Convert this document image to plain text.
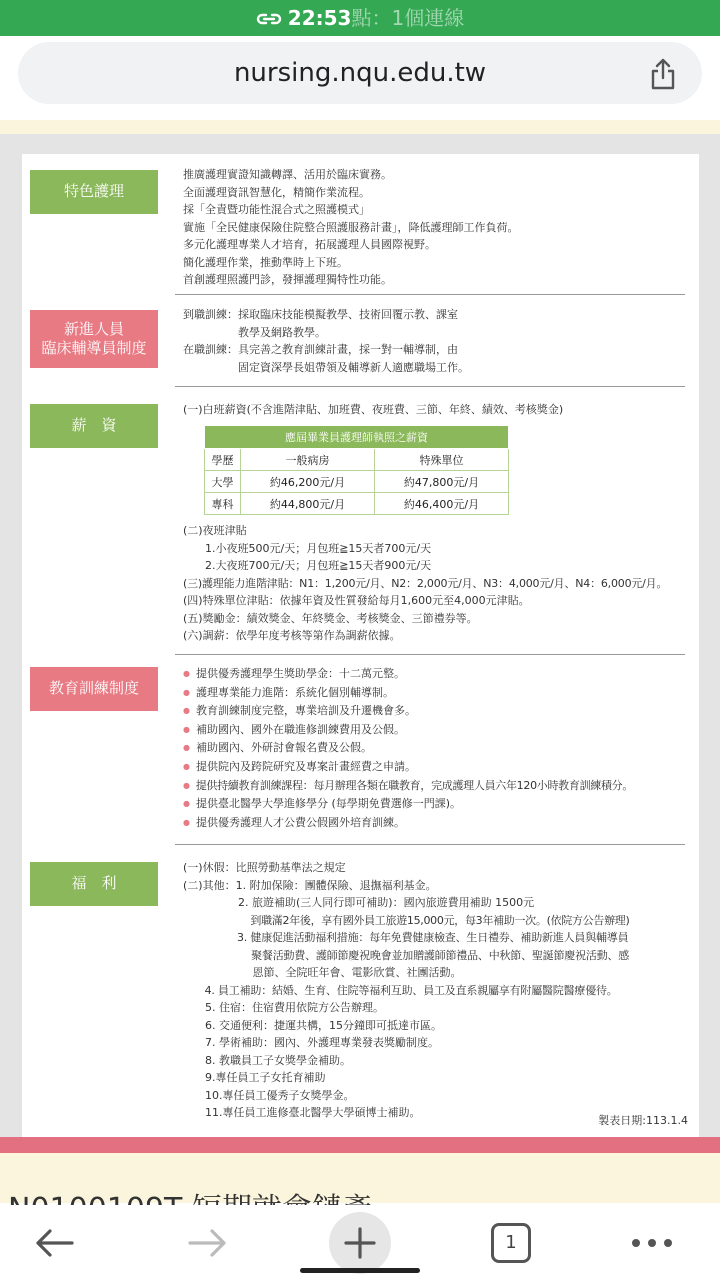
22:53點：1個連線
nursing.nqu.edu.tw
特色護理
推廣護理實證知識轉譯、活用於臨床實務。
全面護理資訊智慧化，精簡作業流程。
採「全責暨功能性混合式之照護模式」
實施「全民健康保險住院整合照護服務計畫」，降低護理師工作負荷。
多元化護理專業人才培育，拓展護理人員國際視野。
簡化護理作業，推動準時上下班。
首創護理照護門診，發揮護理獨特性功能。
新進人員
臨床輔導員制度
到職訓練：採取臨床技能模擬教學、技術回覆示教、課室
　　　　　教學及網路教學。
在職訓練：具完善之教育訓練計畫，採一對一輔導制，由
　　　　　固定資深學長姐帶領及輔導新人適應職場工作。
薪　資
(一)白班薪資(不含進階津貼、加班費、夜班費、三節、年終、績效、考核獎金)
應屆畢業員護理師執照之薪資		
學歷	一般病房	特殊單位
大學	約46,200元/月	約47,800元/月
專科	約44,800元/月	約46,400元/月
(二)夜班津貼
　　1.小夜班500元/天；月包班≧15天者700元/天
　　2.大夜班700元/天；月包班≧15天者900元/天
(三)護理能力進階津貼：N1：1,200元/月、N2：2,000元/月、N3：4,000元/月、N4：6,000元/月。
(四)特殊單位津貼：依據年資及性質發給每月1,600元至4,000元津貼。
(五)獎勵金：績效獎金、年終獎金、考核獎金、三節禮券等。
(六)調薪：依學年度考核等第作為調薪依據。
教育訓練制度
● 提供優秀護理學生獎助學金：十二萬元整。
● 護理專業能力進階：系統化個別輔導制。
● 教育訓練制度完整，專業培訓及升遷機會多。
● 補助國內、國外在職進修訓練費用及公假。
● 補助國內、外研討會報名費及公假。
● 提供院內及跨院研究及專案計畫經費之申請。
● 提供持續教育訓練課程：每月辦理各類在職教育，完成護理人員六年120小時教育訓練積分。
● 提供臺北醫學大學進修學分 (每學期免費選修一門課)。
● 提供優秀護理人才公費公假國外培育訓練。
福　利
(一)休假：比照勞動基準法之規定
(二)其他：1. 附加保險：團體保險、退撫福利基金。
　　　　　2. 旅遊補助(三人同行即可補助)：國內旅遊費用補助 1500元
　　　　　　 到職滿2年後，享有國外員工旅遊15,000元，每3年補助一次。(依院方公告辦理)
　　　　　3. 健康促進活動福利措施：每年免費健康檢查、生日禮券、補助新進人員與輔導員
　　　　　　 聚餐活動費、護師節慶祝晚會並加贈護師節禮品、中秋節、聖誕節慶祝活動、感
　　　　　　 恩節、全院旺年會、電影欣賞、社團活動。
　　4. 員工補助：結婚、生育、住院等福利互助、員工及直系親屬享有附屬醫院醫療優待。
　　5. 住宿：住宿費用依院方公告辦理。
　　6. 交通便利：捷運共構，15分鐘即可抵達市區。
　　7. 學術補助：國內、外護理專業發表獎勵制度。
　　8. 教職員工子女獎學金補助。
　　9.專任員工子女托育補助
　　10.專任員工優秀子女獎學金。
　　11.專任員工進修臺北醫學大學碩博士補助。
製表日期:113.1.4
1
